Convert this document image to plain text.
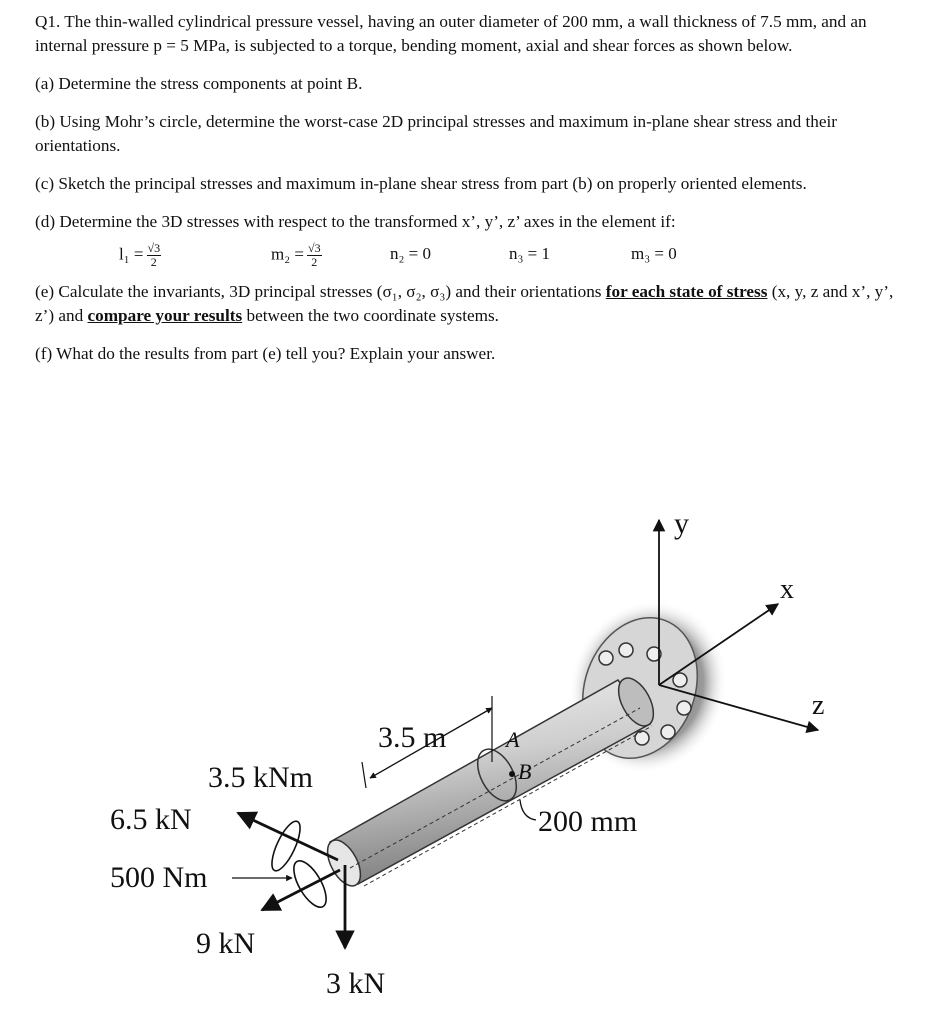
Q1. The thin-walled cylindrical pressure vessel, having an outer diameter of 200 mm, a wall thickness of 7.5 mm, and an internal pressure p = 5 MPa, is subjected to a torque, bending moment, axial and shear forces as shown below.

(a) Determine the stress components at point B.

(b) Using Mohr’s circle, determine the worst-case 2D principal stresses and maximum in-plane shear stress and their orientations.

(c) Sketch the principal stresses and maximum in-plane shear stress from part (b) on properly oriented elements.

(d) Determine the 3D stresses with respect to the transformed x’, y’, z’ axes in the element if:

$l_1 = \frac{√3}{2}$	$m_2 = \frac{√3}{2}$	n₂ = 0	n₃ = 1	m₃ = 0

(e) Calculate the invariants, 3D principal stresses (σ₁, σ₂, σ₃) and their orientations for each state of stress (x, y, z and x’, y’, z’) and compare your results between the two coordinate systems.

(f) What do the results from part (e) tell you? Explain your answer.

y
x
z
3.5 m	A
B
3.5 kNm
6.5 kN	200 mm
500 Nm
9 kN
3 kN
